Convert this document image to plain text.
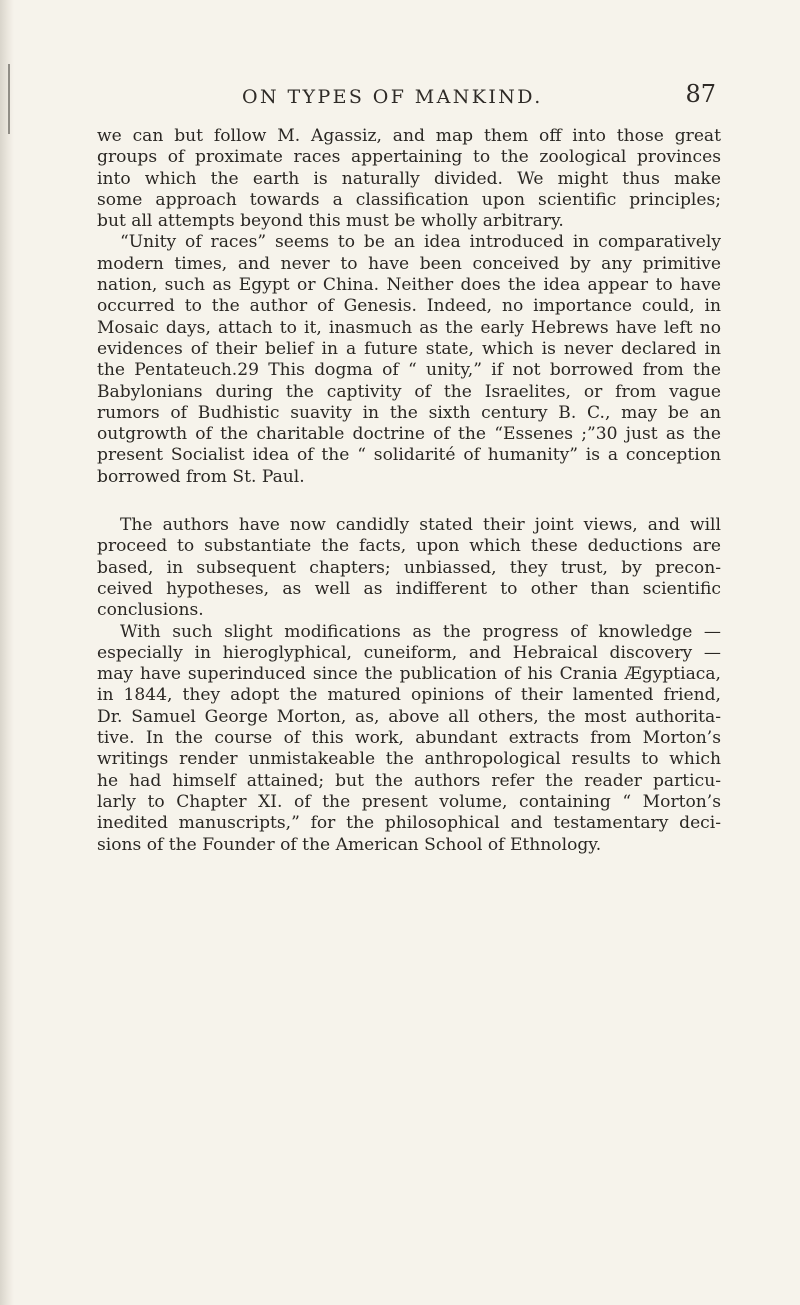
ON TYPES OF MANKIND.	87
we can but follow M. Agassiz, and map them off into those great
groups of proximate races appertaining to the zoological provinces
into which the earth is naturally divided. We might thus make
some approach towards a classification upon scientific principles;
but all attempts beyond this must be wholly arbitrary.
“Unity of races” seems to be an idea introduced in comparatively
modern times, and never to have been conceived by any primitive
nation, such as Egypt or China. Neither does the idea appear to have
occurred to the author of Genesis. Indeed, no importance could, in
Mosaic days, attach to it, inasmuch as the early Hebrews have left no
evidences of their belief in a future state, which is never declared in
the Pentateuch.29 This dogma of “ unity,” if not borrowed from the
Babylonians during the captivity of the Israelites, or from vague
rumors of Budhistic suavity in the sixth century B. C., may be an
outgrowth of the charitable doctrine of the “Essenes ;”30 just as the
present Socialist idea of the “ solidarité of humanity” is a conception
borrowed from St. Paul.
The authors have now candidly stated their joint views, and will
proceed to substantiate the facts, upon which these deductions are
based, in subsequent chapters; unbiassed, they trust, by precon-
ceived hypotheses, as well as indifferent to other than scientific
conclusions.
With such slight modifications as the progress of knowledge —
especially in hieroglyphical, cuneiform, and Hebraical discovery —
may have superinduced since the publication of his Crania Ægyptiaca,
in 1844, they adopt the matured opinions of their lamented friend,
Dr. Samuel George Morton, as, above all others, the most authorita-
tive. In the course of this work, abundant extracts from Morton’s
writings render unmistakeable the anthropological results to which
he had himself attained; but the authors refer the reader particu-
larly to Chapter XI. of the present volume, containing “ Morton’s
inedited manuscripts,” for the philosophical and testamentary deci-
sions of the Founder of the American School of Ethnology.
